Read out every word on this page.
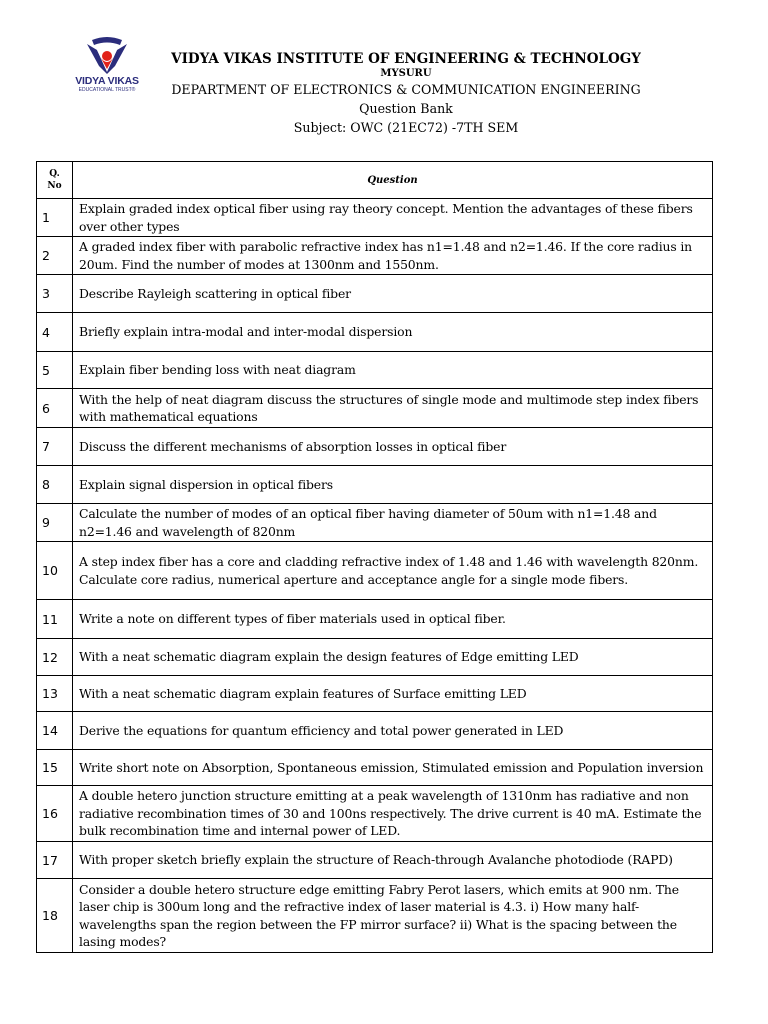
VIDYA VIKAS
EDUCATIONAL TRUST®
VIDYA VIKAS INSTITUTE OF ENGINEERING & TECHNOLOGY
MYSURU
DEPARTMENT OF ELECTRONICS & COMMUNICATION ENGINEERING
Question Bank
Subject: OWC (21EC72) -7TH SEM
Q.
No	Question
1	Explain graded index optical fiber using ray theory concept. Mention the advantages of these fibers over other types
2	A graded index fiber with parabolic refractive index has n1=1.48 and n2=1.46. If the core radius in 20um. Find the number of modes at 1300nm and 1550nm.
3	Describe Rayleigh scattering in optical fiber
4	Briefly explain intra-modal and inter-modal dispersion
5	Explain fiber bending loss with neat diagram
6	With the help of neat diagram discuss the structures of single mode and multimode step index fibers with mathematical equations
7	Discuss the different mechanisms of absorption losses in optical fiber
8	Explain signal dispersion in optical fibers
9	Calculate the number of modes of an optical fiber having diameter of 50um with n1=1.48 and n2=1.46 and wavelength of 820nm
10	A step index fiber has a core and cladding refractive index of 1.48 and 1.46 with wavelength 820nm. Calculate core radius, numerical aperture and acceptance angle for a single mode fibers.
11	Write a note on different types of fiber materials used in optical fiber.
12	With a neat schematic diagram explain the design features of Edge emitting LED
13	With a neat schematic diagram explain features of Surface emitting LED
14	Derive the equations for quantum efficiency and total power generated in LED
15	Write short note on Absorption, Spontaneous emission, Stimulated emission and Population inversion
16	A double hetero junction structure emitting at a peak wavelength of 1310nm has radiative and non radiative recombination times of 30 and 100ns respectively. The drive current is 40 mA. Estimate the bulk recombination time and internal power of LED.
17	With proper sketch briefly explain the structure of Reach-through Avalanche photodiode (RAPD)
18	Consider a double hetero structure edge emitting Fabry Perot lasers, which emits at 900 nm. The laser chip is 300um long and the refractive index of laser material is 4.3. i) How many half-wavelengths span the region between the FP mirror surface? ii) What is the spacing between the lasing modes?
